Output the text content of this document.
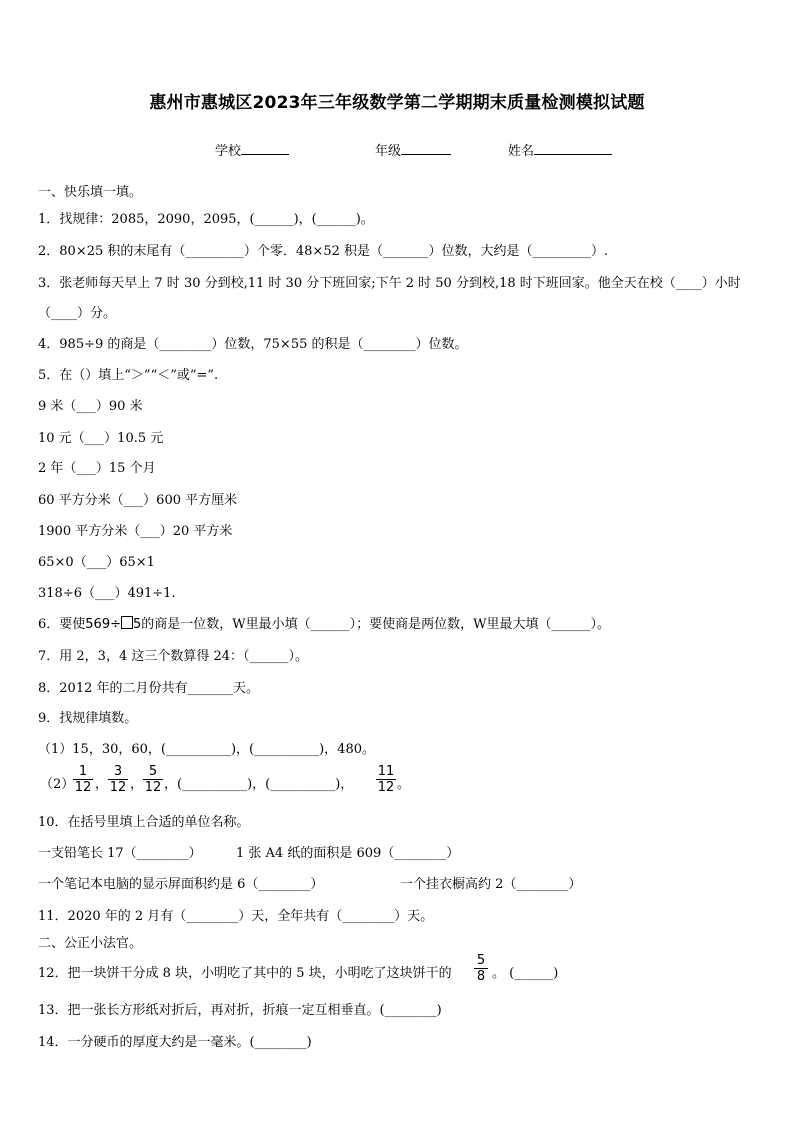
惠州市惠城区2023年三年级数学第二学期期末质量检测模拟试题
学校	年级	姓名
一、快乐填一填。
1．找规律：2085，2090，2095，(______)，(______)。
2．80×25 积的末尾有（_________）个零．48×52 积是（_______）位数，大约是（_________）.
3．张老师每天早上 7 时 30 分到校,11 时 30 分下班回家;下午 2 时 50 分到校,18 时下班回家。他全天在校（____）小时
（____）分。
4．985÷9 的商是（________）位数，75×55 的积是（________）位数。
5．在（）填上“＞”“＜”或“=”.
9 米（___）90 米
10 元（___）10.5 元
2 年（___）15 个月
60 平方分米（___）600 平方厘米
1900 平方分米（___）20 平方米
65×0（___）65×1
318÷6（___）491÷1.
6．要使569÷ 5的商是一位数，W里最小填（______）；要使商是两位数，W里最大填（______）。
7．用 2，3，4 这三个数算得 24：（______）。
8．2012 年的二月份共有_______天。
9．找规律填数。
（1）15，30，60，(__________)，(__________)，480。
（2）
$\frac{1}{12}$ ， $\frac{3}{12}$ ， $\frac{5}{12}$ ，(__________)，(__________)， $\frac{11}{12}$ 。
10．在括号里填上合适的单位名称。
一支铅笔长 17（________）	1 张 A4 纸的面积是 609（________）
一个笔记本电脑的显示屏面积约是 6（________）	一个挂衣橱高约 2（________）
11．2020 年的 2 月有（________）天，全年共有（________）天。
二、公正小法官。
12．把一块饼干分成 8 块，小明吃了其中的 5 块，小明吃了这块饼干的 $\frac{5}{8}$ 。 (______)
13．把一张长方形纸对折后，再对折，折痕一定互相垂直。(________)
14．一分硬币的厚度大约是一毫米。(________)
